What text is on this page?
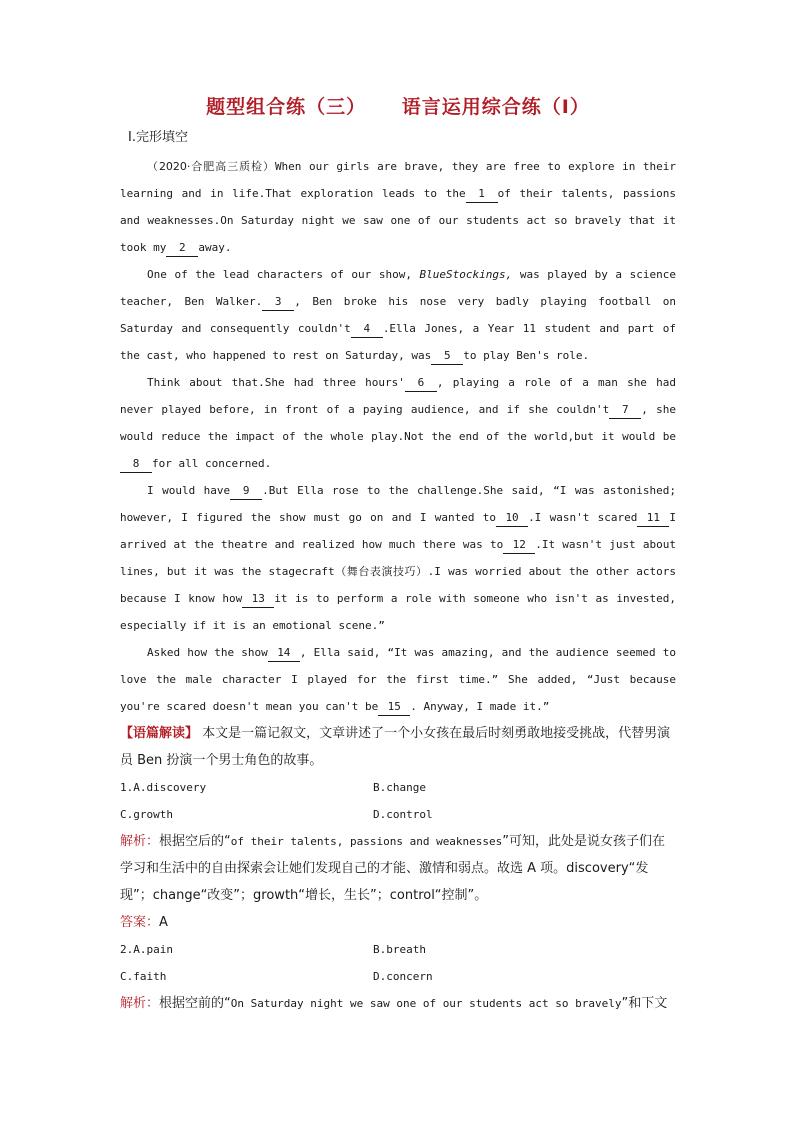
题型组合练（三） 语言运用综合练（Ⅰ）
Ⅰ.完形填空

（2020·合肥高三质检）When our girls are brave, they are free to explore in their learning and in life.That exploration leads to the 1 of their talents, passions and weaknesses.On Saturday night we saw one of our students act so bravely that it took my 2 away.

One of the lead characters of our show, BlueStockings, was played by a science teacher, Ben Walker. 3 , Ben broke his nose very badly playing football on Saturday and consequently couldn't 4 .Ella Jones, a Year 11 student and part of the cast, who happened to rest on Saturday, was 5 to play Ben's role.

Think about that.She had three hours' 6 , playing a role of a man she had never played before, in front of a paying audience, and if she couldn't 7 , she would reduce the impact of the whole play.Not the end of the world,but it would be8 for all concerned.

I would have 9 .But Ella rose to the challenge.She said, “I was astonished; however, I figured the show must go on and I wanted to 10 .I wasn't scared 11 I arrived at the theatre and realized how much there was to 12 .It wasn't just about lines, but it was the stagecraft（舞台表演技巧）.I was worried about the other actors because I know how 13 it is to perform a role with someone who isn't as invested, especially if it is an emotional scene.”

Asked how the show 14 , Ella said, “It was amazing, and the audience seemed to love the male character I played for the first time.” She added, “Just because you're scared doesn't mean you can't be 15 . Anyway, I made it.”

【语篇解读】 本文是一篇记叙文，文章讲述了一个小女孩在最后时刻勇敢地接受挑战，代替男演员 Ben 扮演一个男士角色的故事。

1.A.discovery	B.change
C.growth	D.control

解析：根据空后的“of their talents, passions and weaknesses”可知，此处是说女孩子们在学习和生活中的自由探索会让她们发现自己的才能、激情和弱点。故选 A 项。discovery“发现”；change“改变”；growth“增长，生长”；control“控制”。

答案：A

2.A.pain	B.breath
C.faith	D.concern

解析：根据空前的“On Saturday night we saw one of our students act so bravely”和下文
